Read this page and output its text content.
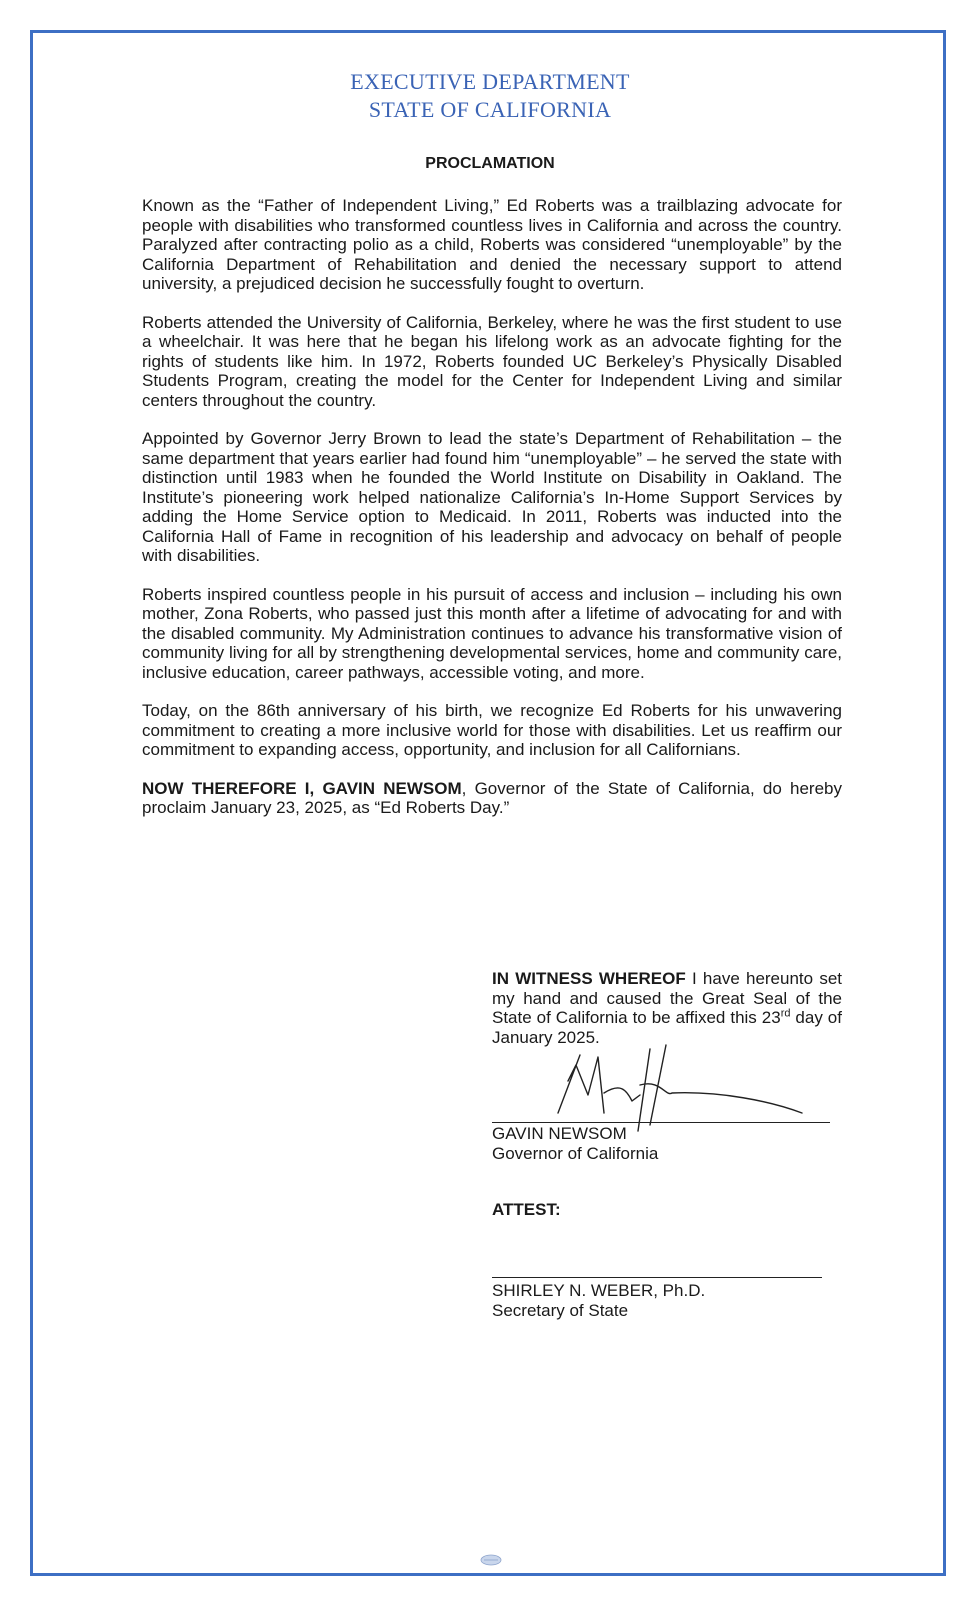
EXECUTIVE DEPARTMENT
STATE OF CALIFORNIA
PROCLAMATION

Known as the “Father of Independent Living,” Ed Roberts was a trailblazing advocate for people with disabilities who transformed countless lives in California and across the country. Paralyzed after contracting polio as a child, Roberts was considered “unemployable” by the California Department of Rehabilitation and denied the necessary support to attend university, a prejudiced decision he successfully fought to overturn.

Roberts attended the University of California, Berkeley, where he was the first student to use a wheelchair. It was here that he began his lifelong work as an advocate fighting for the rights of students like him. In 1972, Roberts founded UC Berkeley’s Physically Disabled Students Program, creating the model for the Center for Independent Living and similar centers throughout the country.

Appointed by Governor Jerry Brown to lead the state’s Department of Rehabilitation – the same department that years earlier had found him “unemployable” – he served the state with distinction until 1983 when he founded the World Institute on Disability in Oakland. The Institute’s pioneering work helped nationalize California’s In-Home Support Services by adding the Home Service option to Medicaid. In 2011, Roberts was inducted into the California Hall of Fame in recognition of his leadership and advocacy on behalf of people with disabilities.

Roberts inspired countless people in his pursuit of access and inclusion – including his own mother, Zona Roberts, who passed just this month after a lifetime of advocating for and with the disabled community. My Administration continues to advance his transformative vision of community living for all by strengthening developmental services, home and community care, inclusive education, career pathways, accessible voting, and more.

Today, on the 86th anniversary of his birth, we recognize Ed Roberts for his unwavering commitment to creating a more inclusive world for those with disabilities. Let us reaffirm our commitment to expanding access, opportunity, and inclusion for all Californians.

NOW THEREFORE I, GAVIN NEWSOM, Governor of the State of California, do hereby proclaim January 23, 2025, as “Ed Roberts Day.”

IN WITNESS WHEREOF I have hereunto set my hand and caused the Great Seal of the State of California to be affixed this 23rd day of January 2025.
GAVIN NEWSOM
Governor of California
ATTEST:
SHIRLEY N. WEBER, Ph.D.
Secretary of State
